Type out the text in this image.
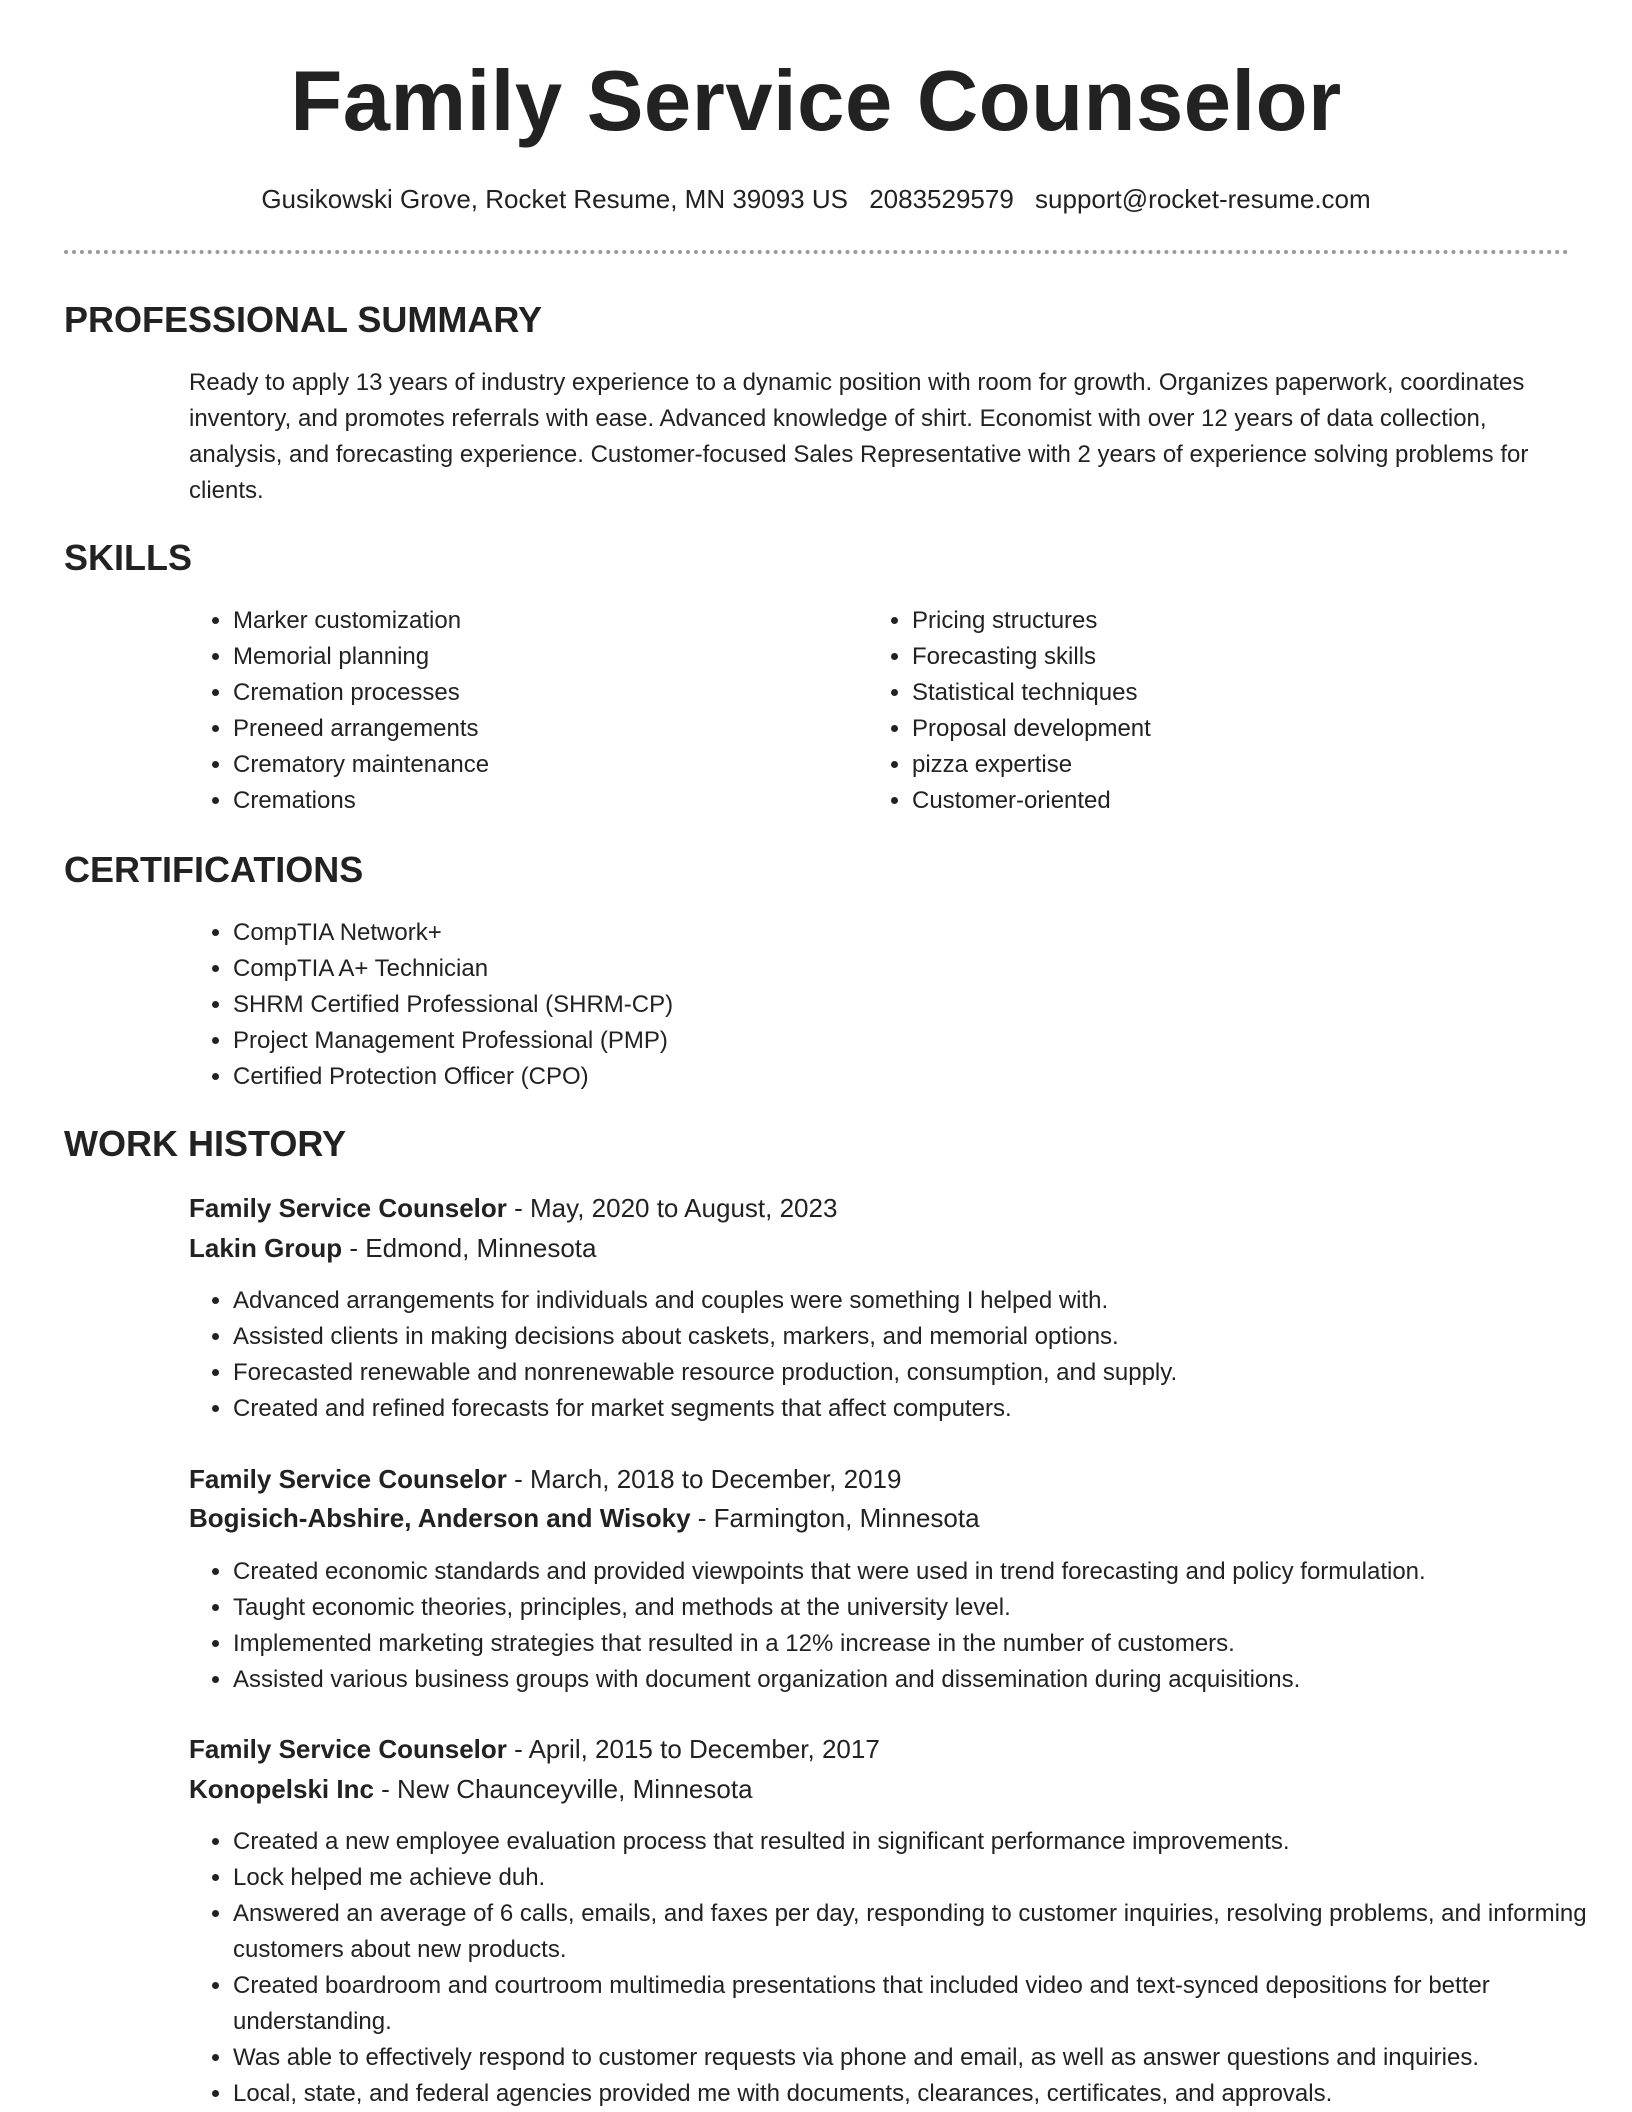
Family Service Counselor
Gusikowski Grove, Rocket Resume, MN 39093 US 2083529579 support@rocket-resume.com
PROFESSIONAL SUMMARY
Ready to apply 13 years of industry experience to a dynamic position with room for growth. Organizes paperwork, coordinates inventory, and promotes referrals with ease. Advanced knowledge of shirt. Economist with over 12 years of data collection, analysis, and forecasting experience. Customer-focused Sales Representative with 2 years of experience solving problems for clients.
SKILLS
• Marker customization
• Memorial planning
• Cremation processes
• Preneed arrangements
• Crematory maintenance
• Cremations
• Pricing structures
• Forecasting skills
• Statistical techniques
• Proposal development
• pizza expertise
• Customer-oriented
CERTIFICATIONS
• CompTIA Network+
• CompTIA A+ Technician
• SHRM Certified Professional (SHRM-CP)
• Project Management Professional (PMP)
• Certified Protection Officer (CPO)
WORK HISTORY
Family Service Counselor - May, 2020 to August, 2023
Lakin Group - Edmond, Minnesota
• Advanced arrangements for individuals and couples were something I helped with.
• Assisted clients in making decisions about caskets, markers, and memorial options.
• Forecasted renewable and nonrenewable resource production, consumption, and supply.
• Created and refined forecasts for market segments that affect computers.
Family Service Counselor - March, 2018 to December, 2019
Bogisich-Abshire, Anderson and Wisoky - Farmington, Minnesota
• Created economic standards and provided viewpoints that were used in trend forecasting and policy formulation.
• Taught economic theories, principles, and methods at the university level.
• Implemented marketing strategies that resulted in a 12% increase in the number of customers.
• Assisted various business groups with document organization and dissemination during acquisitions.
Family Service Counselor - April, 2015 to December, 2017
Konopelski Inc - New Chaunceyville, Minnesota
• Created a new employee evaluation process that resulted in significant performance improvements.
• Lock helped me achieve duh.
• Answered an average of 6 calls, emails, and faxes per day, responding to customer inquiries, resolving problems, and informing customers about new products.
• Created boardroom and courtroom multimedia presentations that included video and text-synced depositions for better understanding.
• Was able to effectively respond to customer requests via phone and email, as well as answer questions and inquiries.
• Local, state, and federal agencies provided me with documents, clearances, certificates, and approvals.
